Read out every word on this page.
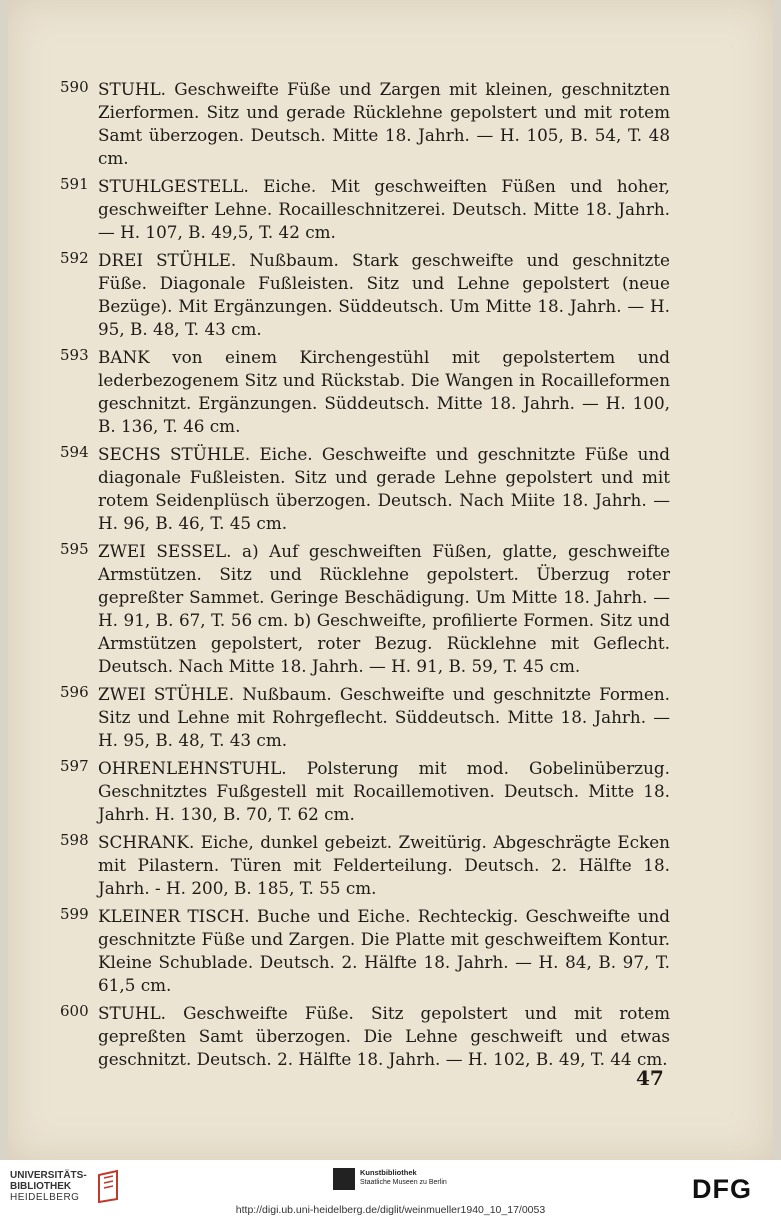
590 STUHL. Geschweifte Füße und Zargen mit kleinen, geschnitzten Zierformen. Sitz und gerade Rücklehne gepolstert und mit rotem Samt überzogen. Deutsch. Mitte 18. Jahrh. — H. 105, B. 54, T. 48 cm.
591 STUHLGESTELL. Eiche. Mit geschweiften Füßen und hoher, geschweifter Lehne. Rocailleschnitzerei. Deutsch. Mitte 18. Jahrh. — H. 107, B. 49,5, T. 42 cm.
592 DREI STÜHLE. Nußbaum. Stark geschweifte und geschnitzte Füße. Diagonale Fußleisten. Sitz und Lehne gepolstert (neue Bezüge). Mit Ergänzungen. Süddeutsch. Um Mitte 18. Jahrh. — H. 95, B. 48, T. 43 cm.
593 BANK von einem Kirchengestühl mit gepolstertem und lederbezogenem Sitz und Rückstab. Die Wangen in Rocailleformen geschnitzt. Ergänzungen. Süddeutsch. Mitte 18. Jahrh. — H. 100, B. 136, T. 46 cm.
594 SECHS STÜHLE. Eiche. Geschweifte und geschnitzte Füße und diagonale Fußleisten. Sitz und gerade Lehne gepolstert und mit rotem Seidenplüsch überzogen. Deutsch. Nach Miite 18. Jahrh. — H. 96, B. 46, T. 45 cm.
595 ZWEI SESSEL. a) Auf geschweiften Füßen, glatte, geschweifte Armstützen. Sitz und Rücklehne gepolstert. Überzug roter gepreßter Sammet. Geringe Beschädigung. Um Mitte 18. Jahrh. — H. 91, B. 67, T. 56 cm. b) Geschweifte, profilierte Formen. Sitz und Armstützen gepolstert, roter Bezug. Rücklehne mit Geflecht. Deutsch. Nach Mitte 18. Jahrh. — H. 91, B. 59, T. 45 cm.
596 ZWEI STÜHLE. Nußbaum. Geschweifte und geschnitzte Formen. Sitz und Lehne mit Rohrgeflecht. Süddeutsch. Mitte 18. Jahrh. — H. 95, B. 48, T. 43 cm.
597 OHRENLEHNSTUHL. Polsterung mit mod. Gobelinüberzug. Geschnitztes Fußgestell mit Rocaillemotiven. Deutsch. Mitte 18. Jahrh. H. 130, B. 70, T. 62 cm.
598 SCHRANK. Eiche, dunkel gebeizt. Zweitürig. Abgeschrägte Ecken mit Pilastern. Türen mit Felderteilung. Deutsch. 2. Hälfte 18. Jahrh. - H. 200, B. 185, T. 55 cm.
599 KLEINER TISCH. Buche und Eiche. Rechteckig. Geschweifte und geschnitzte Füße und Zargen. Die Platte mit geschweiftem Kontur. Kleine Schublade. Deutsch. 2. Hälfte 18. Jahrh. — H. 84, B. 97, T. 61,5 cm.
600 STUHL. Geschweifte Füße. Sitz gepolstert und mit rotem gepreßten Samt überzogen. Die Lehne geschweift und etwas geschnitzt. Deutsch. 2. Hälfte 18. Jahrh. — H. 102, B. 49, T. 44 cm.
47
UNIVERSITÄTS-
BIBLIOTHEK
HEIDELBERG
Kunstbibliothek
Staatliche Museen zu Berlin	DFG
http://digi.ub.uni-heidelberg.de/diglit/weinmueller1940_10_17/0053
